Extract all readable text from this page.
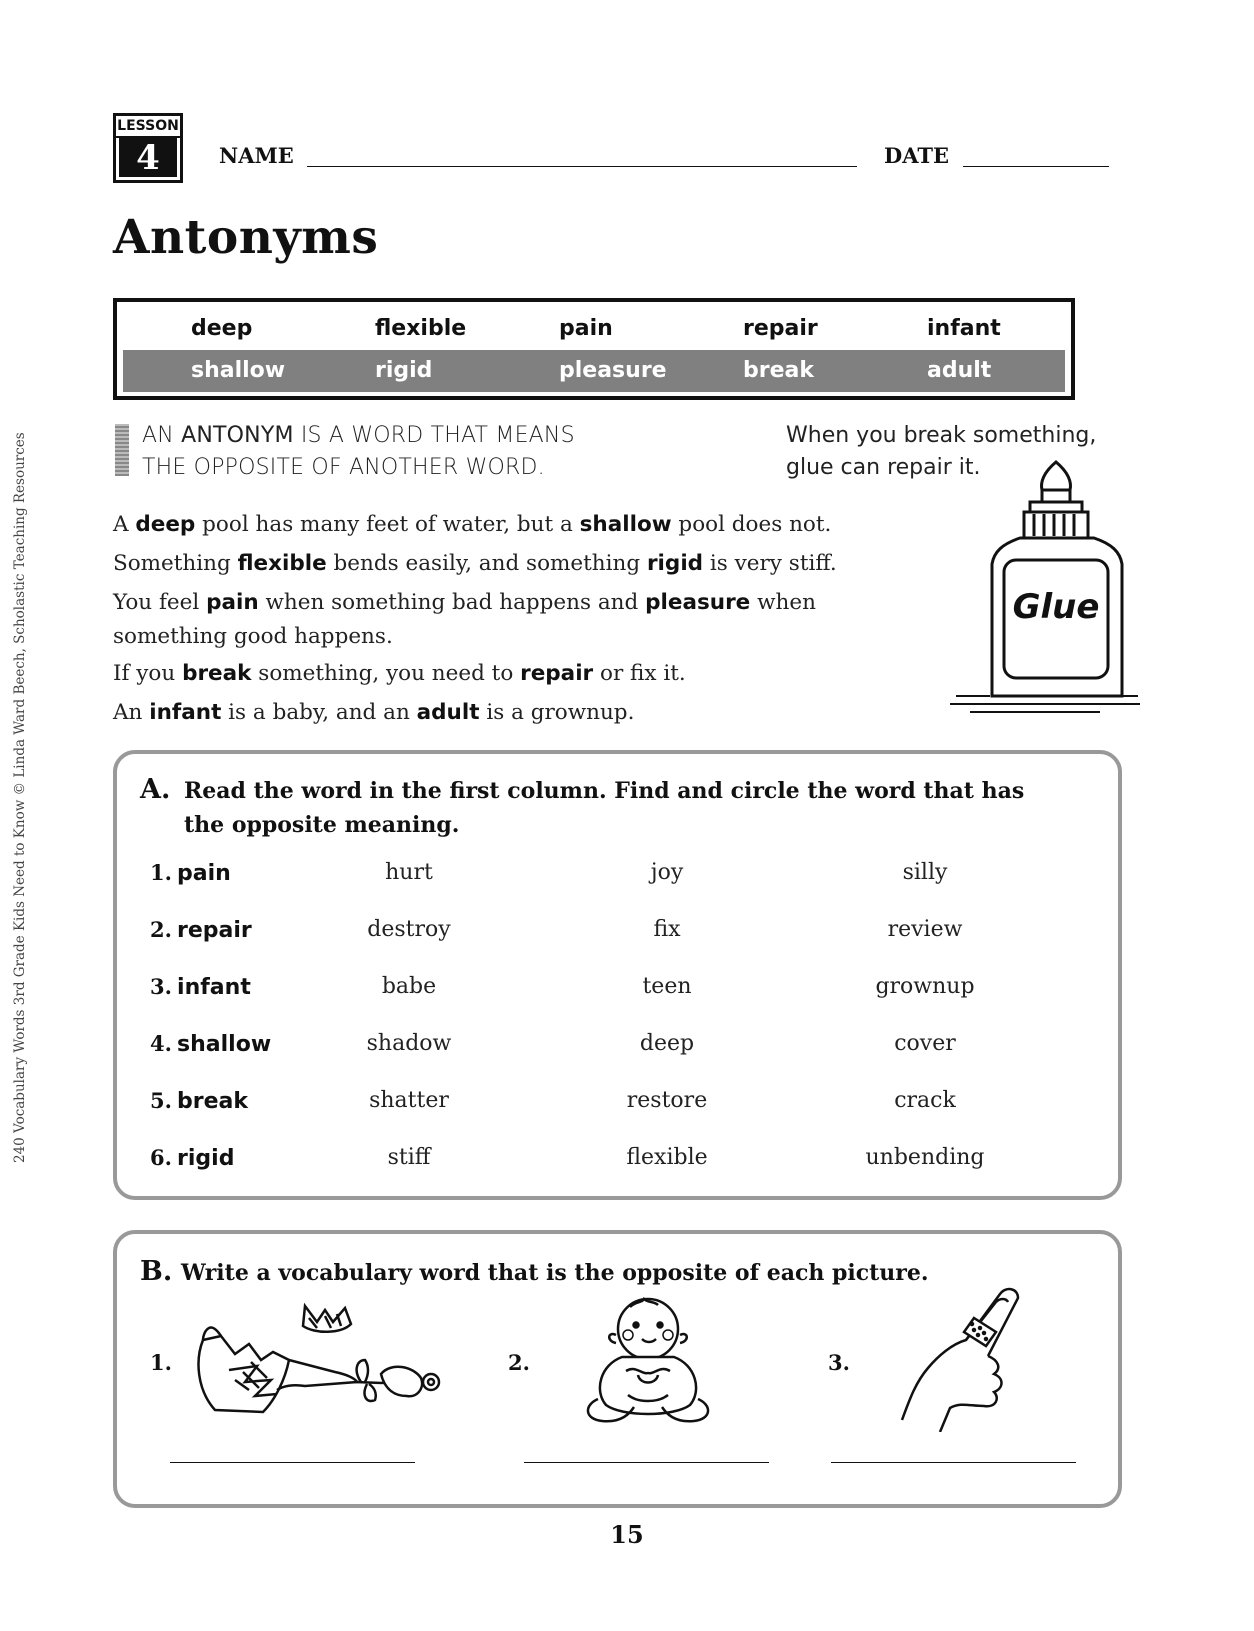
LESSON
4	NAME	DATE
Antonyms
deep	flexible	pain	repair	infant
shallow	rigid	pleasure	break	adult
AN ANTONYM IS A WORD THAT MEANS
THE OPPOSITE OF ANOTHER WORD.
When you break something,
glue can repair it.
Glue
A deep pool has many feet of water, but a shallow pool does not.
Something flexible bends easily, and something rigid is very stiff.
You feel pain when something bad happens and pleasure when
something good happens.
If you break something, you need to repair or fix it.
An infant is a baby, and an adult is a grownup.
A. Read the word in the first column. Find and circle the word that has
the opposite meaning.
1. pain	hurt	joy	silly
2. repair	destroy	fix	review
3. infant	babe	teen	grownup
4. shallow	shadow	deep	cover
5. break	shatter	restore	crack
6. rigid	stiff	flexible	unbending
B. Write a vocabulary word that is the opposite of each picture.
1.	2.	3.
240 Vocabulary Words 3rd Grade Kids Need to Know © Linda Ward Beech, Scholastic Teaching Resources
15
